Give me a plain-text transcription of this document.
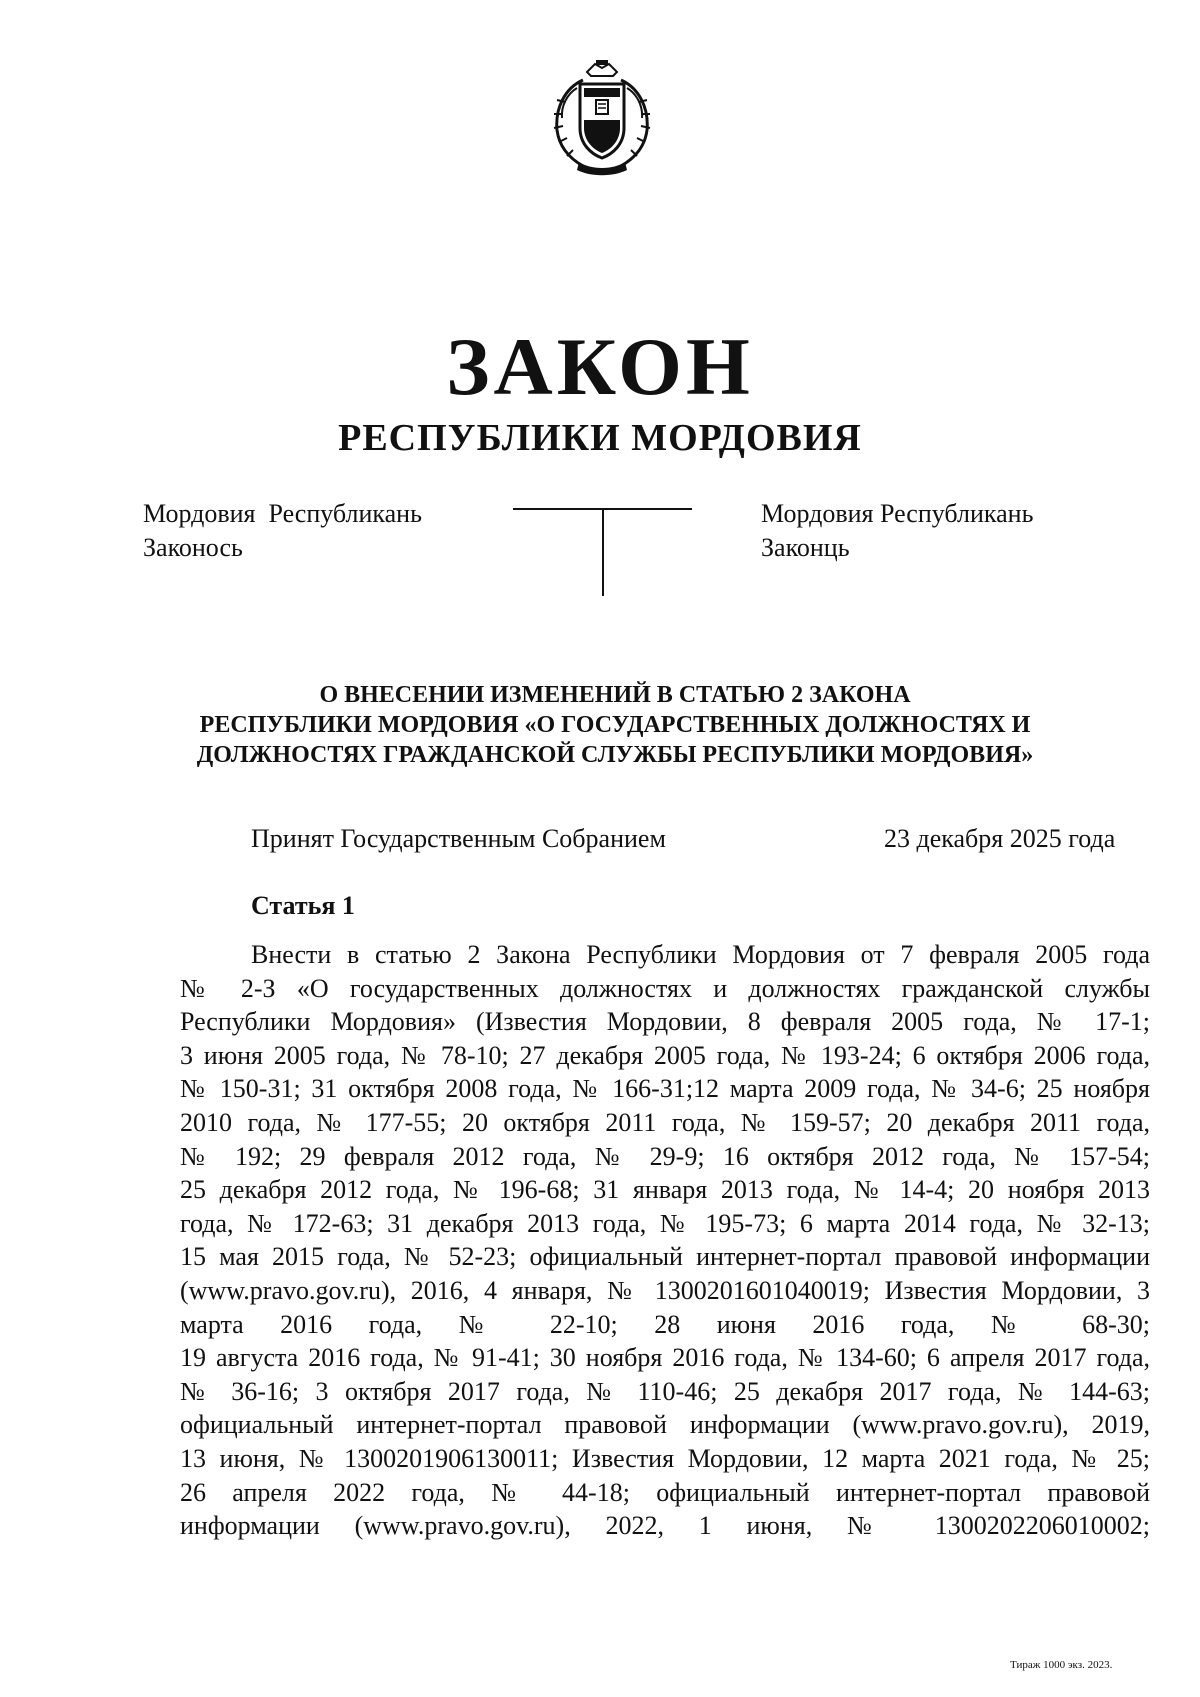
ЗАКОН
РЕСПУБЛИКИ МОРДОВИЯ
Мордовия  Республикань
Законось
Мордовия Республикань
Законць
О ВНЕСЕНИИ ИЗМЕНЕНИЙ В СТАТЬЮ 2 ЗАКОНА
РЕСПУБЛИКИ МОРДОВИЯ «О ГОСУДАРСТВЕННЫХ ДОЛЖНОСТЯХ И
ДОЛЖНОСТЯХ ГРАЖДАНСКОЙ СЛУЖБЫ РЕСПУБЛИКИ МОРДОВИЯ»
Принят Государственным Собранием	23 декабря 2025 года
Статья 1
Внести в статью 2 Закона Республики Мордовия от 7 февраля 2005 года
№ 2-З «О государственных должностях и должностях гражданской службы
Республики Мордовия» (Известия Мордовии, 8 февраля 2005 года, № 17-1;
3 июня 2005 года, № 78-10; 27 декабря 2005 года, № 193-24; 6 октября 2006 года,
№ 150-31; 31 октября 2008 года, № 166-31;12 марта 2009 года, № 34-6; 25 ноября
2010 года, № 177-55; 20 октября 2011 года, № 159-57; 20 декабря 2011 года,
№ 192; 29 февраля 2012 года, № 29-9; 16 октября 2012 года, № 157-54;
25 декабря 2012 года, № 196-68; 31 января 2013 года, № 14-4; 20 ноября 2013
года, № 172-63; 31 декабря 2013 года, № 195-73; 6 марта 2014 года, № 32-13;
15 мая 2015 года, № 52-23; официальный интернет-портал правовой информации
(www.pravo.gov.ru), 2016, 4 января, № 1300201601040019; Известия Мордовии, 3
марта 2016 года, № 22-10; 28 июня 2016 года, № 68-30;
19 августа 2016 года, № 91-41; 30 ноября 2016 года, № 134-60; 6 апреля 2017 года,
№ 36-16; 3 октября 2017 года, № 110-46; 25 декабря 2017 года, № 144-63;
официальный интернет-портал правовой информации (www.pravo.gov.ru), 2019,
13 июня, № 1300201906130011; Известия Мордовии, 12 марта 2021 года, № 25;
26 апреля 2022 года, № 44-18; официальный интернет-портал правовой
информации (www.pravo.gov.ru), 2022, 1 июня, № 1300202206010002;
Тираж 1000 экз. 2023.
